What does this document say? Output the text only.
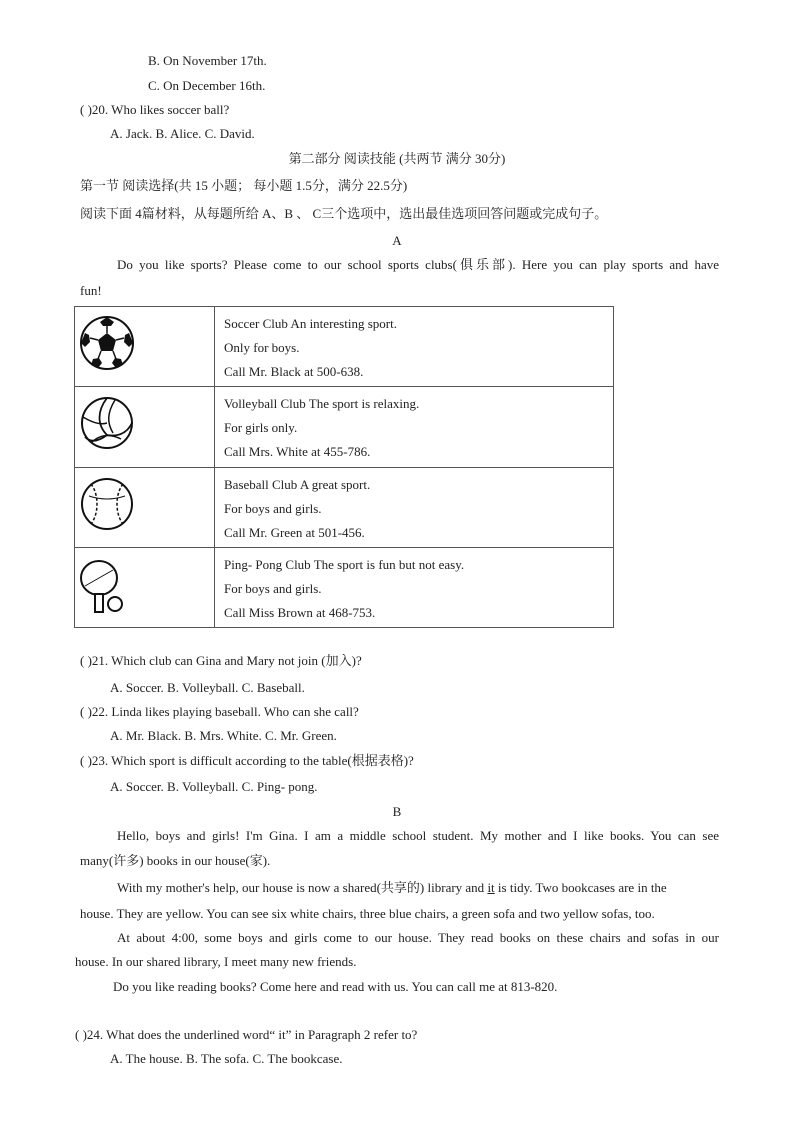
B. On November 17th.
C. On December 16th.
( )20. Who likes soccer ball?
A. Jack. B. Alice. C. David.
第二部分 阅读技能 (共两节 满分 30分)
第一节 阅读选择(共 15 小题； 每小题 1.5分，满分 22.5分)
阅读下面 4篇材料，从每题所给 A、B 、 C三个选项中，选出最佳选项回答问题或完成句子。
A
Do you like sports? Please come to our school sports clubs(俱乐部). Here you can play sports and have
fun!

Soccer Club An interesting sport.
Only for boys.
Call Mr. Black at 500-638.

Volleyball Club The sport is relaxing.
For girls only.
Call Mrs. White at 455-786.

Baseball Club A great sport.
For boys and girls.
Call Mr. Green at 501-456.

Ping- Pong Club The sport is fun but not easy.
For boys and girls.
Call Miss Brown at 468-753.
( )21. Which club can Gina and Mary not join (加入)?
A. Soccer. B. Volleyball. C. Baseball.
( )22. Linda likes playing baseball. Who can she call?
A. Mr. Black. B. Mrs. White. C. Mr. Green.
( )23. Which sport is difficult according to the table(根据表格)?
A. Soccer. B. Volleyball. C. Ping- pong.
B
Hello, boys and girls! I'm Gina. I am a middle school student. My mother and I like books. You can see
many(许多) books in our house(家).
With my mother's help, our house is now a shared(共享的) library and it is tidy. Two bookcases are in the
house. They are yellow. You can see six white chairs, three blue chairs, a green sofa and two yellow sofas, too.
At about 4:00, some boys and girls come to our house. They read books on these chairs and sofas in our
house. In our shared library, I meet many new friends.
Do you like reading books? Come here and read with us. You can call me at 813-820.
( )24. What does the underlined word“ it” in Paragraph 2 refer to?
A. The house. B. The sofa. C. The bookcase.
